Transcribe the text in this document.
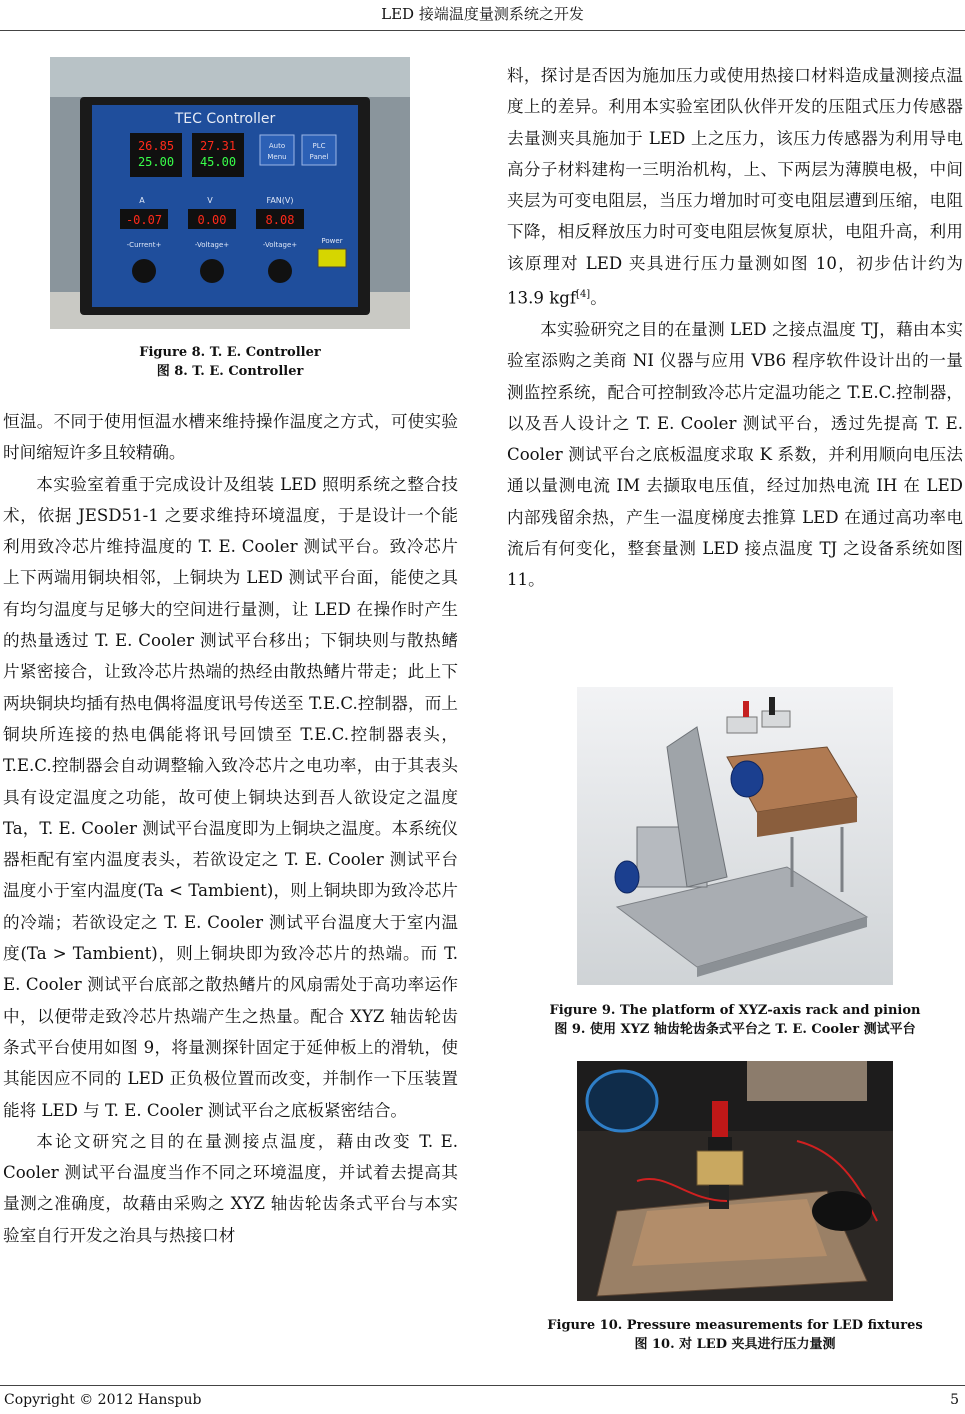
LED 接端温度量测系统之开发
TEC Controller
26.85
25.00
27.31
45.00
Auto
Menu
PLC
Panel
A
-0.07
V
0.00
FAN(V)
8.08
-Current+	-Voltage+	-Voltage+	Power
Figure 8. T. E. Controller
图 8. T. E. Controller

恒温。不同于使用恒温水槽来维持操作温度之方式，可使实验时间缩短许多且较精确。

本实验室着重于完成设计及组装 LED 照明系统之整合技术，依据 JESD51-1 之要求维持环境温度，于是设计一个能利用致冷芯片维持温度的 T. E. Cooler 测试平台。致冷芯片上下两端用铜块相邻，上铜块为 LED 测试平台面，能使之具有均匀温度与足够大的空间进行量测，让 LED 在操作时产生的热量透过 T. E. Cooler 测试平台移出；下铜块则与散热鳍片紧密接合，让致冷芯片热端的热经由散热鳍片带走；此上下两块铜块均插有热电偶将温度讯号传送至 T.E.C.控制器，而上铜块所连接的热电偶能将讯号回馈至 T.E.C.控制器表头，T.E.C.控制器会自动调整输入致冷芯片之电功率，由于其表头具有设定温度之功能，故可使上铜块达到吾人欲设定之温度 Ta，T. E. Cooler 测试平台温度即为上铜块之温度。本系统仪器柜配有室内温度表头，若欲设定之 T. E. Cooler 测试平台温度小于室内温度(Ta < Tambient)，则上铜块即为致冷芯片的冷端；若欲设定之 T. E. Cooler 测试平台温度大于室内温度(Ta > Tambient)，则上铜块即为致冷芯片的热端。而 T. E. Cooler 测试平台底部之散热鳍片的风扇需处于高功率运作中，以便带走致冷芯片热端产生之热量。配合 XYZ 轴齿轮齿条式平台使用如图 9，将量测探针固定于延伸板上的滑轨，使其能因应不同的 LED 正负极位置而改变，并制作一下压装置能将 LED 与 T. E. Cooler 测试平台之底板紧密结合。

本论文研究之目的在量测接点温度，藉由改变 T. E. Cooler 测试平台温度当作不同之环境温度，并试着去提高其量测之准确度，故藉由采购之 XYZ 轴齿轮齿条式平台与本实验室自行开发之治具与热接口材

料，探讨是否因为施加压力或使用热接口材料造成量测接点温度上的差异。利用本实验室团队伙伴开发的压阻式压力传感器去量测夹具施加于 LED 上之压力，该压力传感器为利用导电高分子材料建构一三明治机构，上、下两层为薄膜电极，中间夹层为可变电阻层，当压力增加时可变电阻层遭到压缩，电阻下降，相反释放压力时可变电阻层恢复原状，电阻升高，利用该原理对 LED 夹具进行压力量测如图 10，初步估计约为 13.9 kgf[4]。

本实验研究之目的在量测 LED 之接点温度 TJ，藉由本实验室添购之美商 NI 仪器与应用 VB6 程序软件设计出的一量测监控系统，配合可控制致冷芯片定温功能之 T.E.C.控制器，以及吾人设计之 T. E. Cooler 测试平台，透过先提高 T. E. Cooler 测试平台之底板温度求取 K 系数，并利用顺向电压法通以量测电流 IM 去撷取电压值，经过加热电流 IH 在 LED 内部残留余热，产生一温度梯度去推算 LED 在通过高功率电流后有何变化，整套量测 LED 接点温度 TJ 之设备系统如图 11。

Figure 9. The platform of XYZ-axis rack and pinion
图 9. 使用 XYZ 轴齿轮齿条式平台之 T. E. Cooler 测试平台
Figure 10. Pressure measurements for LED fixtures
图 10. 对 LED 夹具进行压力量测
Copyright © 2012 Hanspub	5
